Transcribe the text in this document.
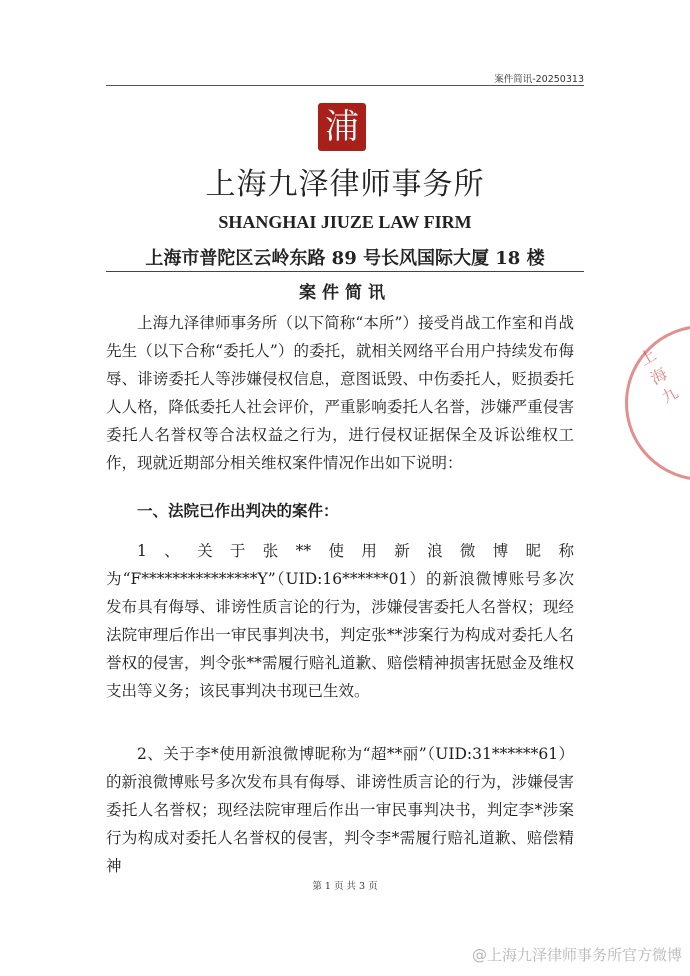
案件简讯-20250313
浦
上海九泽律师事务所
SHANGHAI JIUZE LAW FIRM
上海市普陀区云岭东路 89 号长风国际大厦 18 楼
案件简讯
上海九泽律师事务所（以下简称“本所”）接受肖战工作室和肖战先生（以下合称“委托人”）的委托，就相关网络平台用户持续发布侮辱、诽谤委托人等涉嫌侵权信息，意图诋毁、中伤委托人，贬损委托人人格，降低委托人社会评价，严重影响委托人名誉，涉嫌严重侵害委托人名誉权等合法权益之行为，进行侵权证据保全及诉讼维权工作，现就近期部分相关维权案件情况作出如下说明：
一、法院已作出判决的案件：
1、关于张**使用新浪微博昵称为“F***************Y”（UID:16******01）的新浪微博账号多次发布具有侮辱、诽谤性质言论的行为，涉嫌侵害委托人名誉权；现经法院审理后作出一审民事判决书，判定张**涉案行为构成对委托人名誉权的侵害，判令张**需履行赔礼道歉、赔偿精神损害抚慰金及维权支出等义务；该民事判决书现已生效。
2、关于李*使用新浪微博昵称为“超**丽”（UID:31******61）的新浪微博账号多次发布具有侮辱、诽谤性质言论的行为，涉嫌侵害委托人名誉权；现经法院审理后作出一审民事判决书，判定李*涉案行为构成对委托人名誉权的侵害，判令李*需履行赔礼道歉、赔偿精神
第 1 页 共 3 页
上海九
@上海九泽律师事务所官方微博
